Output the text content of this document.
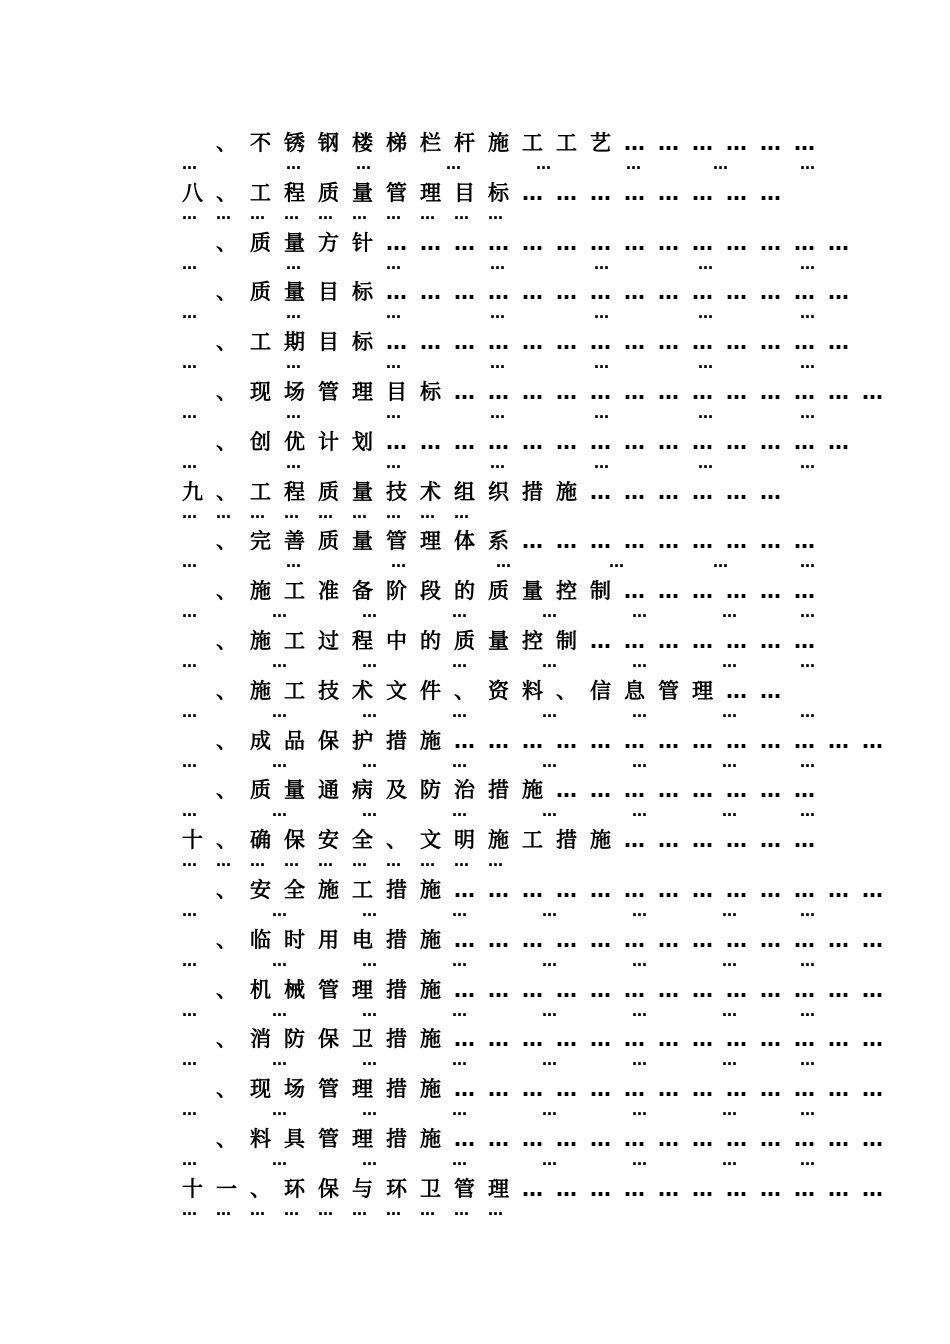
、不锈钢楼梯栏杆施工工艺………………
…	…	…	…	…	…	…	…
八、工程质量管理目标……………………
… … … … … … … … … …
、质量方针……………………………………
…	…	…	…	…	…	…
、质量目标……………………………………
…	…	…	…	…	…	…
、工期目标……………………………………
…	…	…	…	…	…	…
、现场管理目标…………………………………
…	…	…	…	…	…	…
、创优计划……………………………………
…	…	…	…	…	…	…
九、工程质量技术组织措施………………
… … … … … … … … …
、完善质量管理体系………………………
…	…	…	…	…	…	…
、施工准备阶段的质量控制………………
…	…	…	…	…	…	…	…
、施工过程中的质量控制…………………
…	…	…	…	…	…	…	…
、施工技术文件、资料、信息管理……
…	…	…	…	…	…	…	…
、成品保护措施…………………………………
…	…	…	…	…	…	…	…
、质量通病及防治措施……………………
…	…	…	…	…	…	…	…
十、确保安全、文明施工措施………………
… … … … … … … … … …
、安全施工措施…………………………………
…	…	…	…	…	…	…	…
、临时用电措施…………………………………
…	…	…	…	…	…	…	…
、机械管理措施…………………………………
…	…	…	…	…	…	…	…
、消防保卫措施…………………………………
…	…	…	…	…	…	…	…
、现场管理措施…………………………………
…	…	…	…	…	…	…	…
、料具管理措施…………………………………
…	…	…	…	…	…	…	…
十一、环保与环卫管理……………………………
… … … … … … … … … …
